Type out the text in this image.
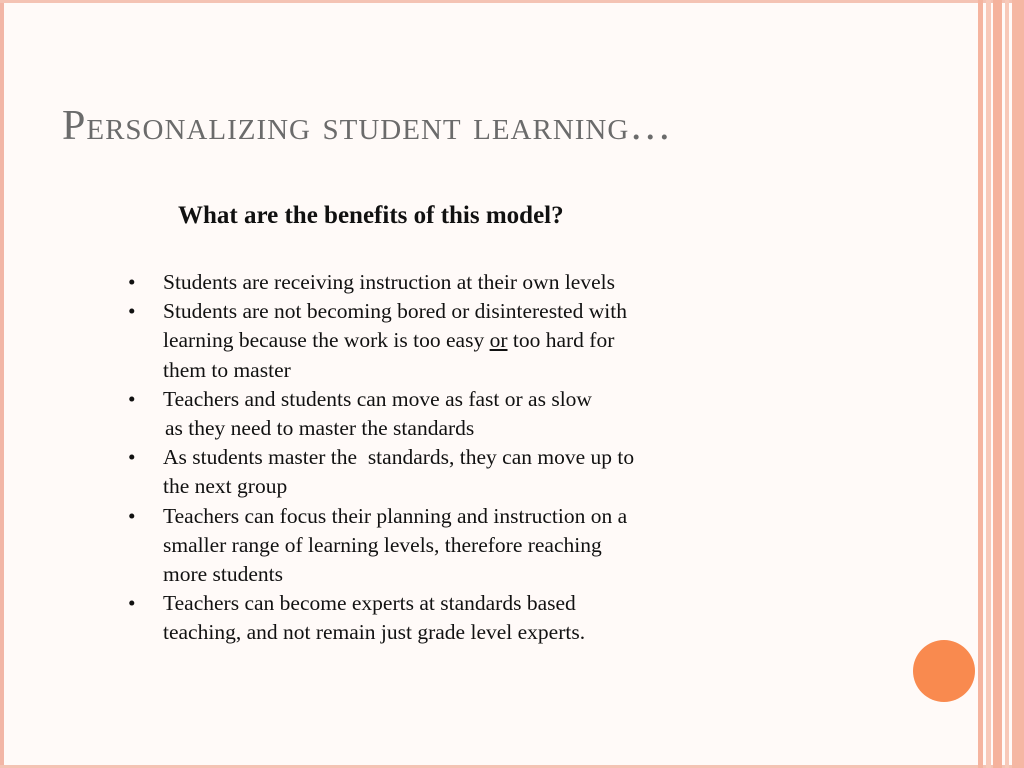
Personalizing student learning…
What are the benefits of this model?
•	Students are receiving instruction at their own levels
•	Students are not becoming bored or disinterested with
learning because the work is too easy or too hard for
them to master
•	Teachers and students can move as fast or as slow
as they need to master the standards
•	As students master the  standards, they can move up to
the next group
•	Teachers can focus their planning and instruction on a
smaller range of learning levels, therefore reaching
more students
•	Teachers can become experts at standards based
teaching, and not remain just grade level experts.
